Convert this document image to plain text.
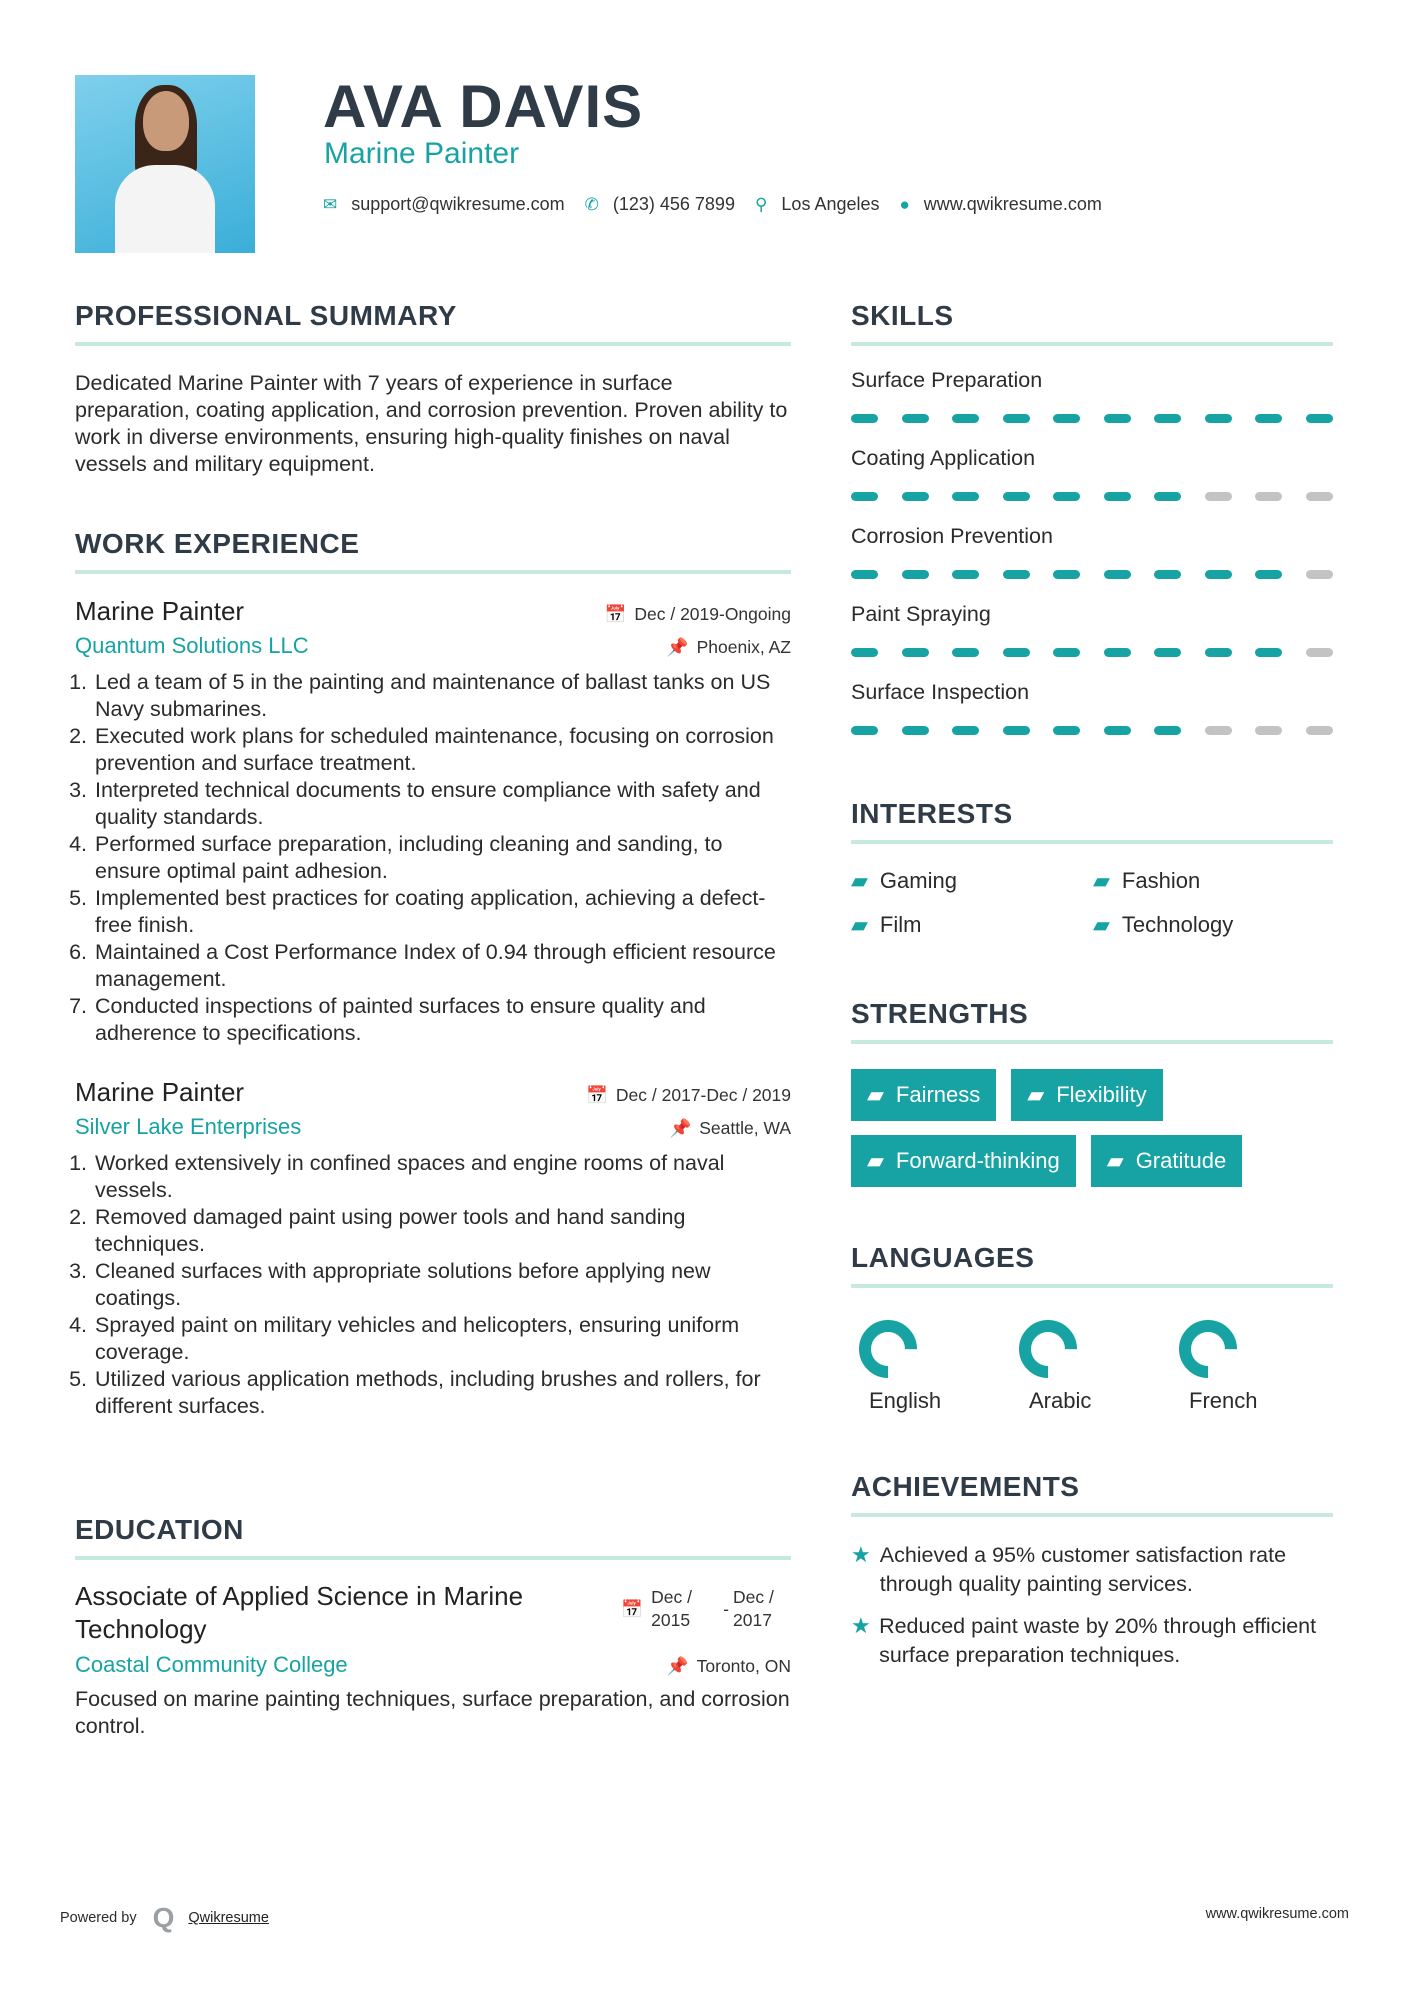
AVA DAVIS
Marine Painter
✉ support@qwikresume.com ✆ (123) 456 7899 ⚲ Los Angeles ● www.qwikresume.com
PROFESSIONAL SUMMARY
Dedicated Marine Painter with 7 years of experience in surface preparation, coating application, and corrosion prevention. Proven ability to work in diverse environments, ensuring high-quality finishes on naval vessels and military equipment.
WORK EXPERIENCE
Marine Painter	📅 Dec / 2019-Ongoing
Quantum Solutions LLC	📌 Phoenix, AZ
1. Led a team of 5 in the painting and maintenance of ballast tanks on US Navy submarines.
2. Executed work plans for scheduled maintenance, focusing on corrosion prevention and surface treatment.
3. Interpreted technical documents to ensure compliance with safety and quality standards.
4. Performed surface preparation, including cleaning and sanding, to ensure optimal paint adhesion.
5. Implemented best practices for coating application, achieving a defect-free finish.
6. Maintained a Cost Performance Index of 0.94 through efficient resource management.
7. Conducted inspections of painted surfaces to ensure quality and adherence to specifications.
Marine Painter	📅 Dec / 2017-Dec / 2019
Silver Lake Enterprises	📌 Seattle, WA
1. Worked extensively in confined spaces and engine rooms of naval vessels.
2. Removed damaged paint using power tools and hand sanding techniques.
3. Cleaned surfaces with appropriate solutions before applying new coatings.
4. Sprayed paint on military vehicles and helicopters, ensuring uniform coverage.
5. Utilized various application methods, including brushes and rollers, for different surfaces.
EDUCATION
Associate of Applied Science in Marine Technology
📅
Dec / 2015
-
Dec / 2017
Coastal Community College	📌 Toronto, ON
Focused on marine painting techniques, surface preparation, and corrosion control.
SKILLS
Surface Preparation
Coating Application
Corrosion Prevention
Paint Spraying
Surface Inspection
INTERESTS
▰ Gaming	▰ Fashion
▰ Film	▰ Technology
STRENGTHS
▰ Fairness ▰ Flexibility
▰ Forward-thinking ▰ Gratitude
LANGUAGES
English	Arabic	French
ACHIEVEMENTS
★ Achieved a 95% customer satisfaction rate through quality painting services.
★ Reduced paint waste by 20% through efficient surface preparation techniques.
Powered by Q Qwikresume	www.qwikresume.com
